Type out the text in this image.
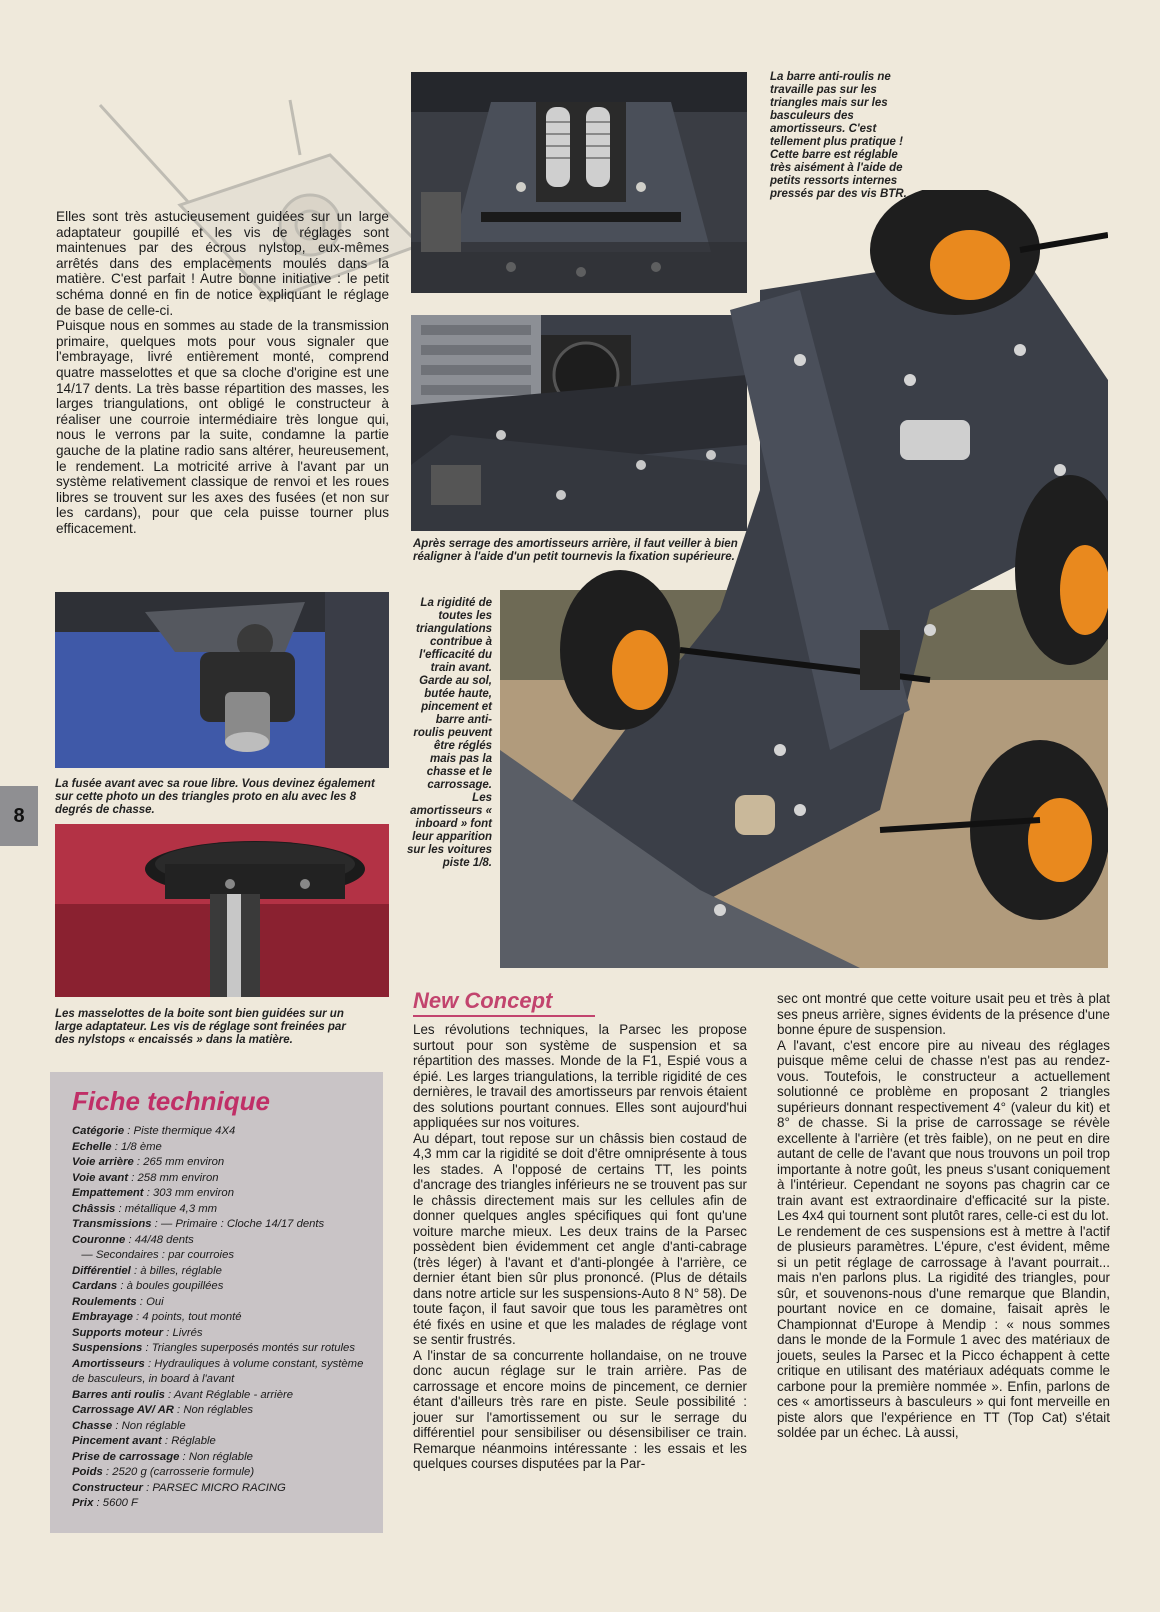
La barre anti-roulis ne travaille pas sur les triangles mais sur les basculeurs des amortisseurs. C'est tellement plus pratique ! Cette barre est réglable très aisément à l'aide de petits ressorts internes pressés par des vis BTR.
Après serrage des amortisseurs arrière, il faut veiller à bien réaligner à l'aide d'un petit tournevis la fixation supérieure.
La rigidité de toutes les triangulations contribue à l'efficacité du train avant. Garde au sol, butée haute, pincement et barre anti-roulis peuvent être réglés mais pas la chasse et le carrossage. Les amortisseurs « inboard » font leur apparition sur les voitures piste 1/8.

Elles sont très astucieusement guidées sur un large adaptateur goupillé et les vis de réglages sont maintenues par des écrous nylstop, eux-mêmes arrêtés dans des emplacements moulés dans la matière. C'est parfait ! Autre bonne initiative : le petit schéma donné en fin de notice expliquant le réglage de base de celle-ci.

Puisque nous en sommes au stade de la transmission primaire, quelques mots pour vous signaler que l'embrayage, livré entièrement monté, comprend quatre masselottes et que sa cloche d'origine est une 14/17 dents. La très basse répartition des masses, les larges triangulations, ont obligé le constructeur à réaliser une courroie intermédiaire très longue qui, nous le verrons par la suite, condamne la partie gauche de la platine radio sans altérer, heureusement, le rendement. La motricité arrive à l'avant par un système relativement classique de renvoi et les roues libres se trouvent sur les axes des fusées (et non sur les cardans), pour que cela puisse tourner plus efficacement.

La fusée avant avec sa roue libre. Vous devinez également sur cette photo un des triangles proto en alu avec les 8 degrés de chasse.
Les masselottes de la boite sont bien guidées sur un large adaptateur. Les vis de réglage sont freinées par des nylstops « encaissés » dans la matière.
8
Fiche technique
Catégorie : Piste thermique 4X4
Echelle : 1/8 ème
Voie arrière : 265 mm environ
Voie avant : 258 mm environ
Empattement : 303 mm environ
Châssis : métallique 4,3 mm
Transmissions : — Primaire : Cloche 14/17 dents
Couronne : 44/48 dents
— Secondaires : par courroies
Différentiel : à billes, réglable
Cardans : à boules goupillées
Roulements : Oui
Embrayage : 4 points, tout monté
Supports moteur : Livrés
Suspensions : Triangles superposés montés sur rotules
Amortisseurs : Hydrauliques à volume constant, système de basculeurs, in board à l'avant
Barres anti roulis : Avant Réglable - arrière
Carrossage AV/ AR : Non réglables
Chasse : Non réglable
Pincement avant : Réglable
Prise de carrossage : Non réglable
Poids : 2520 g (carrosserie formule)
Constructeur : PARSEC MICRO RACING
Prix : 5600 F
New Concept

Les révolutions techniques, la Parsec les propose surtout pour son système de suspension et sa répartition des masses. Monde de la F1, Espié vous a épié. Les larges triangulations, la terrible rigidité de ces dernières, le travail des amortisseurs par renvois étaient des solutions pourtant connues. Elles sont aujourd'hui appliquées sur nos voitures.

Au départ, tout repose sur un châssis bien costaud de 4,3 mm car la rigidité se doit d'être omniprésente à tous les stades. A l'opposé de certains TT, les points d'ancrage des triangles inférieurs ne se trouvent pas sur le châssis directement mais sur les cellules afin de donner quelques angles spécifiques qui font qu'une voiture marche mieux. Les deux trains de la Parsec possèdent bien évidemment cet angle d'anti-cabrage (très léger) à l'avant et d'anti-plongée à l'arrière, ce dernier étant bien sûr plus prononcé. (Plus de détails dans notre article sur les suspensions-Auto 8 N° 58). De toute façon, il faut savoir que tous les paramètres ont été fixés en usine et que les malades de réglage vont se sentir frustrés.

A l'instar de sa concurrente hollandaise, on ne trouve donc aucun réglage sur le train arrière. Pas de carrossage et encore moins de pincement, ce dernier étant d'ailleurs très rare en piste. Seule possibilité : jouer sur l'amortissement ou sur le serrage du différentiel pour sensibiliser ou désensibiliser ce train. Remarque néanmoins intéressante : les essais et les quelques courses disputées par la Par-

sec ont montré que cette voiture usait peu et très à plat ses pneus arrière, signes évidents de la présence d'une bonne épure de suspension.

A l'avant, c'est encore pire au niveau des réglages puisque même celui de chasse n'est pas au rendez-vous. Toutefois, le constructeur a actuellement solutionné ce problème en proposant 2 triangles supérieurs donnant respectivement 4° (valeur du kit) et 8° de chasse. Si la prise de carrossage se révèle excellente à l'arrière (et très faible), on ne peut en dire autant de celle de l'avant que nous trouvons un poil trop importante à notre goût, les pneus s'usant coniquement à l'intérieur. Cependant ne soyons pas chagrin car ce train avant est extraordinaire d'efficacité sur la piste. Les 4x4 qui tournent sont plutôt rares, celle-ci est du lot.

Le rendement de ces suspensions est à mettre à l'actif de plusieurs paramètres. L'épure, c'est évident, même si un petit réglage de carrossage à l'avant pourrait... mais n'en parlons plus. La rigidité des triangles, pour sûr, et souvenons-nous d'une remarque que Blandin, pourtant novice en ce domaine, faisait après le Championnat d'Europe à Mendip : « nous sommes dans le monde de la Formule 1 avec des matériaux de jouets, seules la Parsec et la Picco échappent à cette critique en utilisant des matériaux adéquats comme le carbone pour la première nommée ». Enfin, parlons de ces « amortisseurs à basculeurs » qui font merveille en piste alors que l'expérience en TT (Top Cat) s'était soldée par un échec. Là aussi,
